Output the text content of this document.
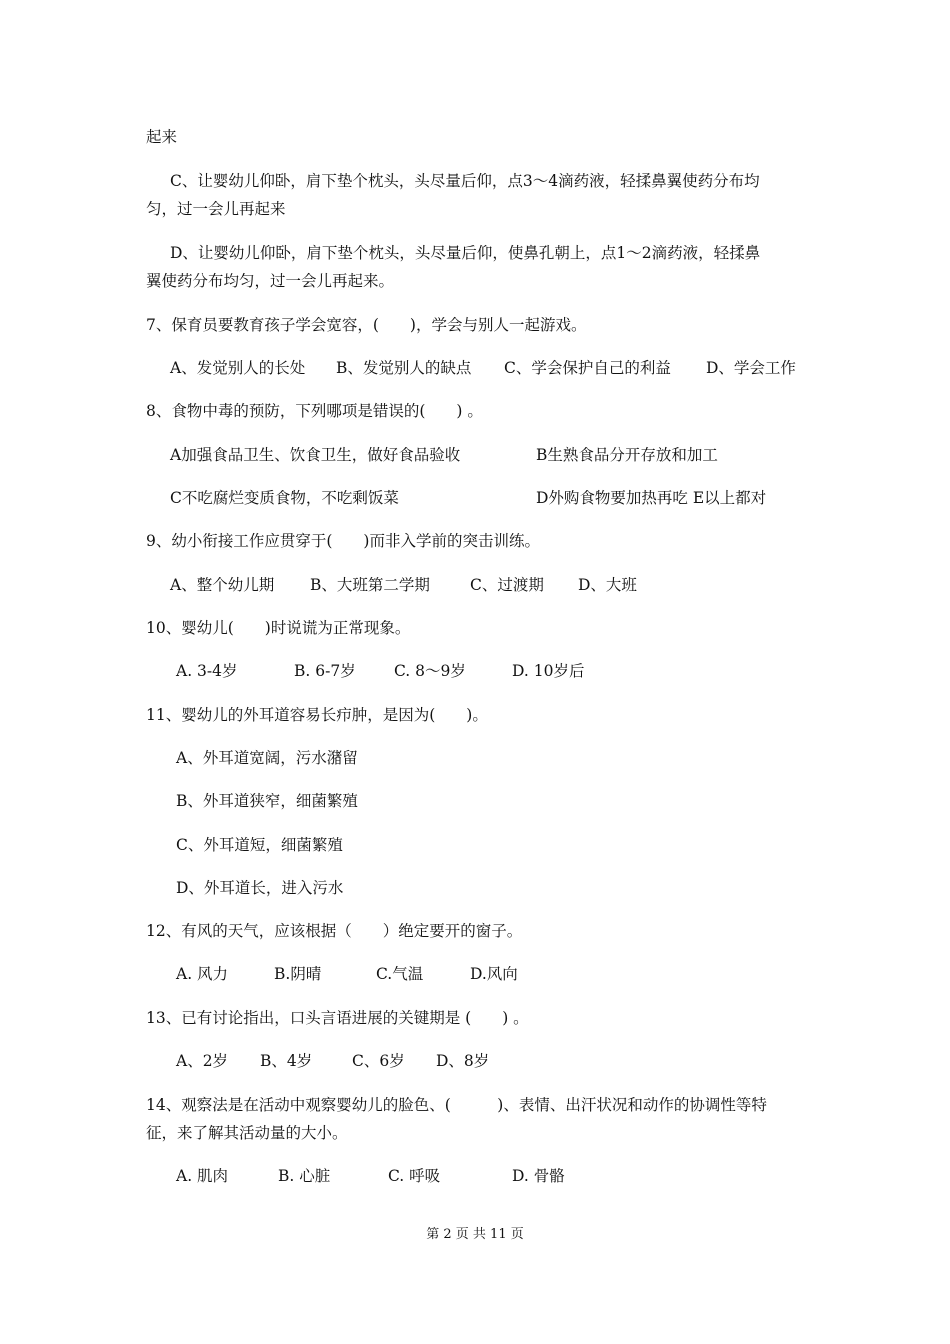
起来
C、让婴幼儿仰卧，肩下垫个枕头，头尽量后仰，点3～4滴药液，轻揉鼻翼使药分布均
匀，过一会儿再起来
D、让婴幼儿仰卧，肩下垫个枕头，头尽量后仰，使鼻孔朝上，点1～2滴药液，轻揉鼻
翼使药分布均匀，过一会儿再起来。
7、保育员要教育孩子学会宽容，(　　)，学会与别人一起游戏。
A、发觉别人的长处	B、发觉别人的缺点	C、学会保护自己的利益	D、学会工作
8、食物中毒的预防，下列哪项是错误的(　　) 。
A加强食品卫生、饮食卫生，做好食品验收	B生熟食品分开存放和加工
C不吃腐烂变质食物，不吃剩饭菜	D外购食物要加热再吃 E以上都对
9、幼小衔接工作应贯穿于(　　)而非入学前的突击训练。
A、整个幼儿期	B、大班第二学期	C、过渡期	D、大班
10、婴幼儿(　　)时说谎为正常现象。
A. 3-4岁	B. 6-7岁	C. 8～9岁	D. 10岁后
11、婴幼儿的外耳道容易长疖肿，是因为(　　)。
A、外耳道宽阔，污水潴留
B、外耳道狭窄，细菌繁殖
C、外耳道短，细菌繁殖
D、外耳道长，进入污水
12、有风的天气，应该根据（　　）绝定要开的窗子。
A. 风力	B.阴晴	C.气温	D.风向
13、已有讨论指出，口头言语进展的关键期是 (　　) 。
A、2岁	B、4岁	C、6岁	D、8岁
14、观察法是在活动中观察婴幼儿的脸色、(　　　)、表情、出汗状况和动作的协调性等特
征，来了解其活动量的大小。
A. 肌肉	B. 心脏	C. 呼吸	D. 骨骼
第 2 页 共 11 页
